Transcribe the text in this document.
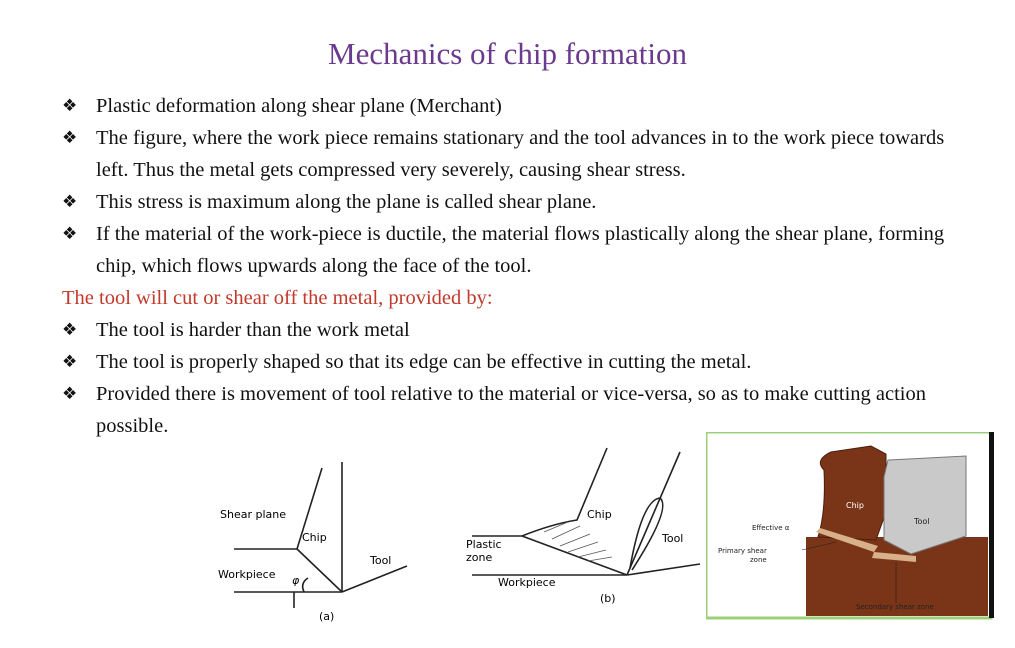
Mechanics of chip formation
❖ Plastic deformation along shear plane (Merchant)
❖ The figure, where the work piece remains stationary and the tool advances in to the work piece towards left. Thus the metal gets compressed very severely, causing shear stress.
❖ This stress is maximum along the plane is called shear plane.
❖ If the material of the work-piece is ductile, the material flows plastically along the shear plane, forming chip, which flows upwards along the face of the tool.
The tool will cut or shear off the metal, provided by:
❖ The tool is harder than the work metal
❖ The tool is properly shaped so that its edge can be effective in cutting the metal.
❖ Provided there is movement of tool relative to the material or vice-versa, so as to make cutting action possible.
Shear plane
Chip
Tool
Workpiece φ
(a)
Chip
Plastic
zone
Tool
Workpiece
(b)
Chip
Tool
Effective α
Primary shear
zone
Secondary shear zone
